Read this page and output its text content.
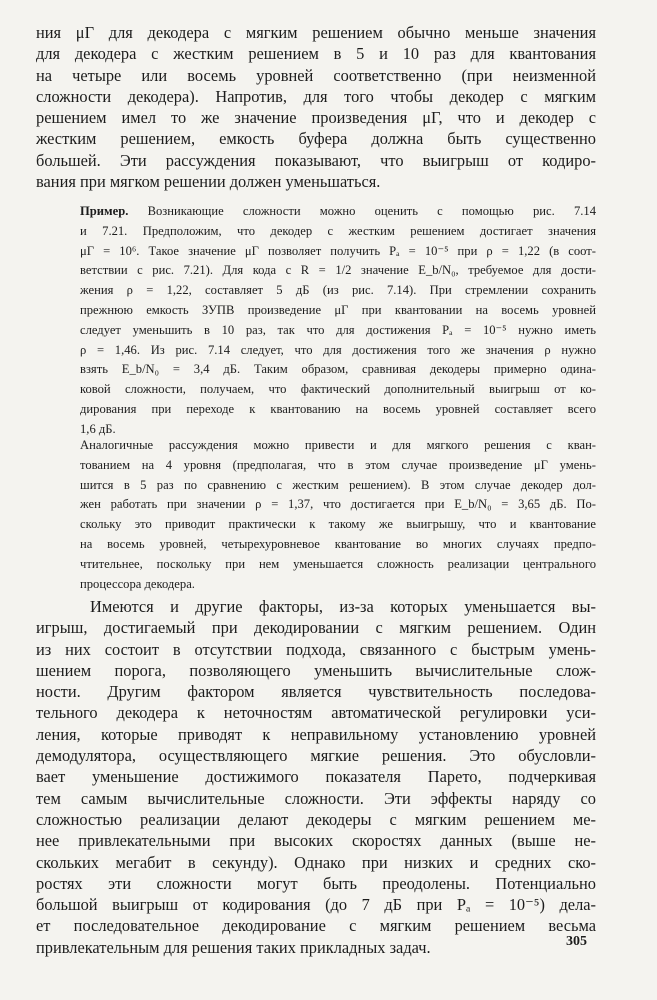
ния μΓ для декодера с мягким решением обычно меньше значения
для декодера с жестким решением в 5 и 10 раз для квантования
на четыре или восемь уровней соответственно (при неизменной
сложности декодера). Напротив, для того чтобы декодер с мягким
решением имел то же значение произведения μΓ, что и декодер с
жестким решением, емкость буфера должна быть существенно
большей. Эти рассуждения показывают, что выигрыш от кодиро-
вания при мягком решении должен уменьшаться.
Пример. Возникающие сложности можно оценить с помощью рис. 7.14
и 7.21. Предположим, что декодер с жестким решением достигает значения
μΓ = 10⁶. Такое значение μΓ позволяет получить Pₐ = 10⁻⁵ при ρ = 1,22 (в соот-
ветствии с рис. 7.21). Для кода с R = 1/2 значение E_b/N₀, требуемое для дости-
жения ρ = 1,22, составляет 5 дБ (из рис. 7.14). При стремлении сохранить
прежнюю емкость ЗУПВ произведение μΓ при квантовании на восемь уровней
следует уменьшить в 10 раз, так что для достижения Pₐ = 10⁻⁵ нужно иметь
ρ = 1,46. Из рис. 7.14 следует, что для достижения того же значения ρ нужно
взять E_b/N₀ = 3,4 дБ. Таким образом, сравнивая декодеры примерно одина-
ковой сложности, получаем, что фактический дополнительный выигрыш от ко-
дирования при переходе к квантованию на восемь уровней составляет всего
1,6 дБ.
Аналогичные рассуждения можно привести и для мягкого решения с кван-
тованием на 4 уровня (предполагая, что в этом случае произведение μΓ умень-
шится в 5 раз по сравнению с жестким решением). В этом случае декодер дол-
жен работать при значении ρ = 1,37, что достигается при E_b/N₀ = 3,65 дБ. По-
скольку это приводит практически к такому же выигрышу, что и квантование
на восемь уровней, четырехуровневое квантование во многих случаях предпо-
чтительнее, поскольку при нем уменьшается сложность реализации центрального
процессора декодера.
Имеются и другие факторы, из-за которых уменьшается вы-
игрыш, достигаемый при декодировании с мягким решением. Один
из них состоит в отсутствии подхода, связанного с быстрым умень-
шением порога, позволяющего уменьшить вычислительные слож-
ности. Другим фактором является чувствительность последова-
тельного декодера к неточностям автоматической регулировки уси-
ления, которые приводят к неправильному установлению уровней
демодулятора, осуществляющего мягкие решения. Это обусловли-
вает уменьшение достижимого показателя Парето, подчеркивая
тем самым вычислительные сложности. Эти эффекты наряду со
сложностью реализации делают декодеры с мягким решением ме-
нее привлекательными при высоких скоростях данных (выше не-
скольких мегабит в секунду). Однако при низких и средних ско-
ростях эти сложности могут быть преодолены. Потенциально
большой выигрыш от кодирования (до 7 дБ при Pₐ = 10⁻⁵) дела-
ет последовательное декодирование с мягким решением весьма
привлекательным для решения таких прикладных задач.	305
